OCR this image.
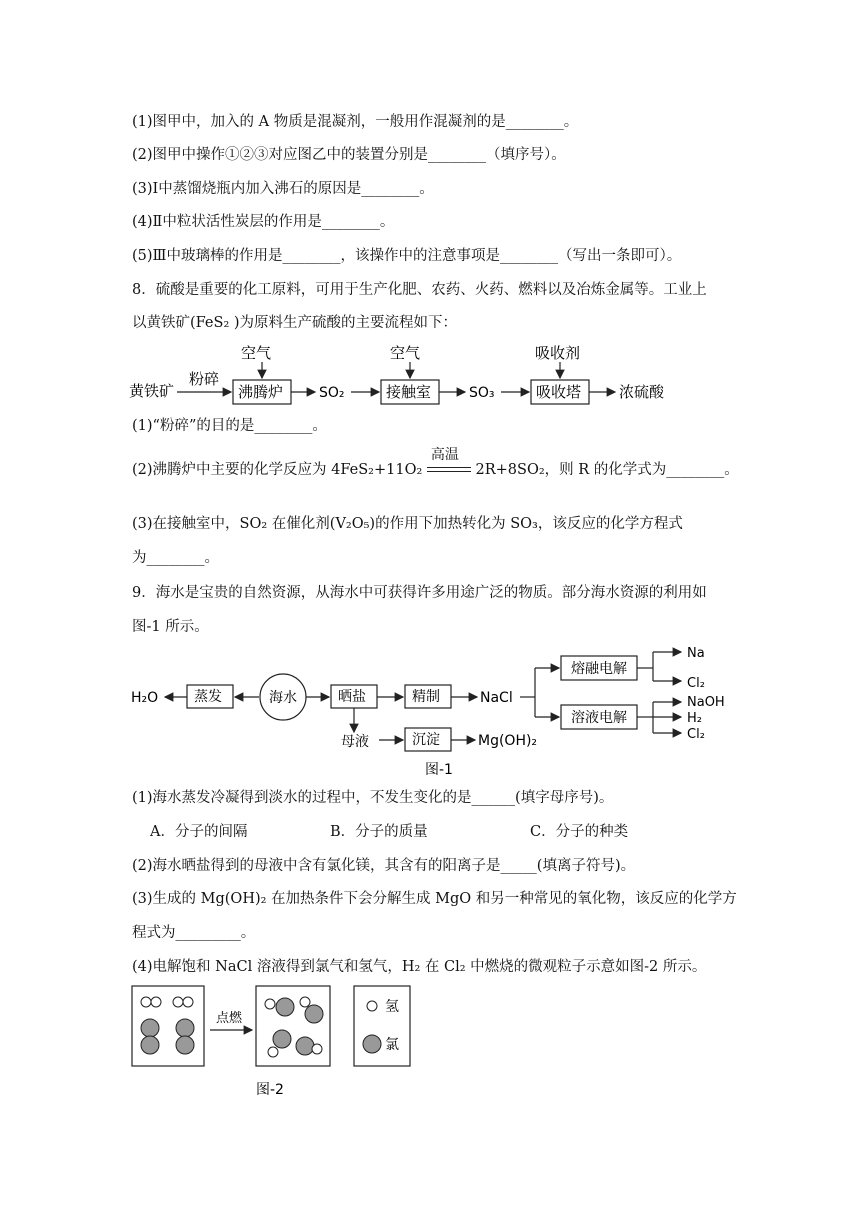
(1)图甲中，加入的 A 物质是混凝剂，一般用作混凝剂的是________。
(2)图甲中操作①②③对应图乙中的装置分别是________（填序号）。
(3)Ⅰ中蒸馏烧瓶内加入沸石的原因是________。
(4)Ⅱ中粒状活性炭层的作用是________。
(5)Ⅲ中玻璃棒的作用是________，该操作中的注意事项是________（写出一条即可）。
8．硫酸是重要的化工原料，可用于生产化肥、农药、火药、燃料以及冶炼金属等。工业上
以黄铁矿(FeS₂ )为原料生产硫酸的主要流程如下：
黄铁矿
粉碎
沸腾炉
空气
SO₂	接触室
空气
SO₃	吸收塔
吸收剂
浓硫酸
(1)“粉碎”的目的是________。
(2)沸腾炉中主要的化学反应为 4FeS₂+11O₂
高温
2R+8SO₂，则 R 的化学式为________。
(3)在接触室中，SO₂ 在催化剂(V₂O₅)的作用下加热转化为 SO₃，该反应的化学方程式
为________。
9．海水是宝贵的自然资源，从海水中可获得许多用途广泛的物质。部分海水资源的利用如
图-1 所示。
H₂O	蒸发	海水	晒盐	精制	NaCl
熔融电解
溶液电解
Na
Cl₂
NaOH
H₂
Cl₂
母液	沉淀	Mg(OH)₂
图-1
(1)海水蒸发冷凝得到淡水的过程中，不发生变化的是______(填字母序号)。
A．分子的间隔	B．分子的质量	C．分子的种类
(2)海水晒盐得到的母液中含有氯化镁，其含有的阳离子是_____(填离子符号)。
(3)生成的 Mg(OH)₂ 在加热条件下会分解生成 MgO 和另一种常见的氧化物，该反应的化学方
程式为_________。
(4)电解饱和 NaCl 溶液得到氯气和氢气，H₂ 在 Cl₂ 中燃烧的微观粒子示意如图-2 所示。
点燃
氢
氯
图-2
